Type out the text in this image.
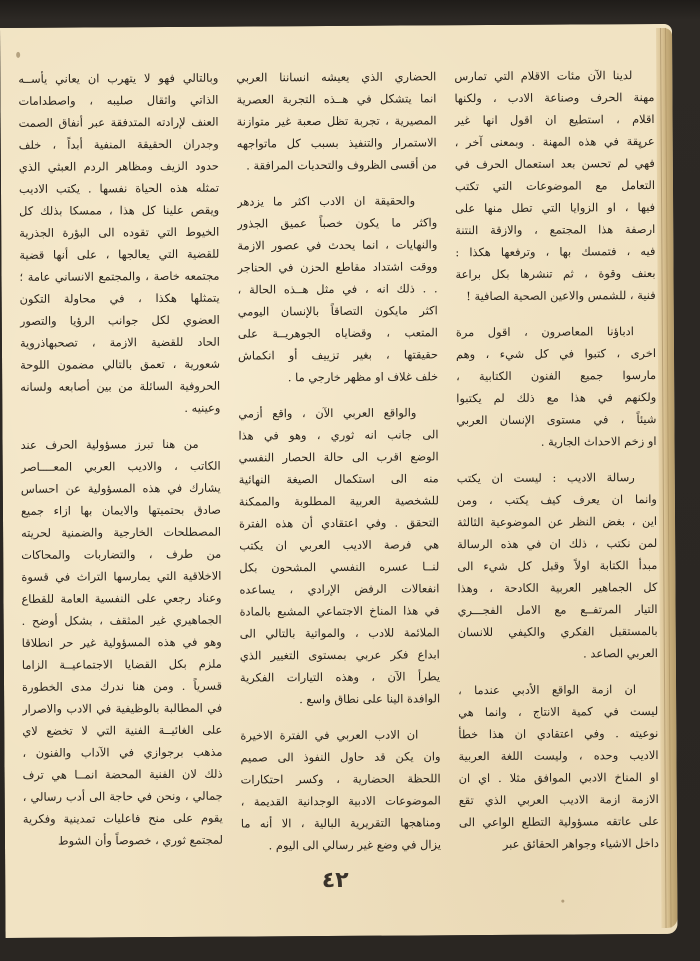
وبالتالي فهو لا يتهرب ان يعاني يأســه
الذاتي واثقال صليبه ، واصطدامات
العنف لإرادته المتدفقة عبر أنفاق الصمت
وجدران الحقيقة المنفية أبداً ، خلف
حدود الزيف ومظاهر الردم العبثي الذي
تمثله هذه الحياة نفسها . يكتب الاديب
ويقص علينا كل هذا ، ممسكا بذلك كل
الخيوط التي تقوده الى البؤرة الجذرية
للقضية التي يعالجها ، على أنها قضية
مجتمعه خاصة ، والمجتمع الانساني عامة ؛
يتمثلها هكذا ، في محاولة التكون
العضوي لكل جوانب الرؤيا والتصور
الحاد للقضية الازمة ، تصحبهاذروية
شعورية ، تعمق بالتالي مضمون اللوحة
الحروفية السائلة من بين أصابعه ولسانه
وعينيه .

من هنا تبرز مسؤولية الحرف عند
الكاتب ، والاديب العربي المعــــاصر
يشارك في هذه المسؤولية عن احساس
صادق بحتميتها والايمان بها ازاء جميع
المصطلحات الخارجية والضمنية لحريته
من طرف ، والتضاربات والمحاكات
الاخلاقية التي يمارسها التراث في قسوة
وعناد رجعي على النفسية العامة للقطاع
الجماهيري غير المثقف ، بشكل أوضح .
وهو في هذه المسؤولية غير حر انطلاقا
ملزم بكل القضايا الاجتماعيــة الزاما
قسرياً . ومن هنا ندرك مدى الخطورة
في المطالبة بالوظيفية في الادب والاصرار
على الغائيــة الفنية التي لا تخضع لاي
مذهب برجوازي في الآداب والفنون ،
ذلك لان الفنية المحضة انمــا هي ترف
جمالي ، ونحن في حاجة الى أدب رسالي ،
يقوم على منح فاعليات تمدينية وفكرية
لمجتمع ثوري ، خصوصاً وأن الشوط

الحضاري الذي يعيشه انساننا العربي
انما يتشكل في هــذه التجربة العصرية
المصيرية ، تجربة تظل صعبة غير متوازنة
الاستمرار والتنفيذ بسبب كل ماتواجهه
من أقسى الظروف والتحديات المرافقة .

والحقيقة ان الادب اكثر ما يزدهر
واكثر ما يكون خصباً عميق الجذور
والنهايات ، انما يحدث في عصور الازمة
ووقت اشتداد مقاطع الحزن في الحناجر
. . ذلك انه ، في مثل هــذه الحالة ،
اكثر مايكون التصاقاً بالإنسان اليومي
المتعب ، وقضاياه الجوهريــة على
حقيقتها ، بغير تزييف أو انكماش
خلف غلاف او مظهر خارجي ما .

والواقع العربي الآن ، واقع أزمي
الى جانب انه ثوري ، وهو في هذا
الوضع اقرب الى حالة الحصار النفسي
منه الى استكمال الصيغة النهائية
للشخصية العربية المطلوبة والممكنة
التحقق . وفي اعتقادي أن هذه الفترة
هي فرصة الاديب العربي ان يكتب
لنــا عسره النفسي المشحون بكل
انفعالات الرفض الإرادي ، يساعده
في هذا المناخ الاجتماعي المشبع بالمادة
الملائمة للادب ، والمواتية بالتالي الى
ابداع فكر عربي بمستوى التغيير الذي
يطرأ الآن ، وهذه التيارات الفكرية
الوافدة الينا على نطاق واسع .

ان الادب العربي في الفترة الاخيرة
وان يكن قد حاول النفوذ الى صميم
اللحظة الحضارية ، وكسر احتكارات
الموضوعات الادبية الوجدانية القديمة ،
ومناهجها التقريرية البالية ، الا أنه ما
يزال في وضع غير رسالي الى اليوم .

لدينا الآن مئات الاقلام التي تمارس
مهنة الحرف وصناعة الادب ، ولكنها
اقلام ، استطيع ان اقول انها غير
عريقة في هذه المهنة . وبمعنى آخر ،
فهي لم تحسن بعد استعمال الحرف في
التعامل مع الموضوعات التي تكتب
فيها ، او الزوايا التي تطل منها على
ارصفة هذا المجتمع ، والازقة النتنة
فيه ، فتمسك بها ، وترفعها هكذا :
بعنف وقوة ، ثم تنشرها بكل براعة
فنية ، للشمس والاعين الصحية الصافية !

ادباؤنا المعاصرون ، اقول مرة
اخرى ، كتبوا في كل شيء ، وهم
مارسوا جميع الفنون الكتابية ،
ولكنهم في هذا مع ذلك لم يكتبوا
شيئاً ، في مستوى الإنسان العربي
او زخم الاحداث الجارية .

رسالة الاديب : ليست ان يكتب
وانما ان يعرف كيف يكتب ، ومن
اين ، بغض النظر عن الموضوعية الثالثة
لمن نكتب ، ذلك ان في هذه الرسالة
مبدأ الكتابة اولاً وقبل كل شيء الى
كل الجماهير العربية الكادحة ، وهذا
التيار المرتفــع مع الامل الفجـــري
بالمستقبل الفكري والكيفي للانسان
العربي الصاعد .

ان ازمة الواقع الأدبي عندما ،
ليست في كمية الانتاج ، وانما هي
نوعيته . وفي اعتقادي ان هذا خطأ
الاديب وحده ، وليست اللغة العربية
او المناخ الادبي الموافق مثلا . اي ان
الازمة ازمة الاديب العربي الذي تقع
على عاتقه مسؤولية التطلع الواعي الى
داخل الاشياء وجواهر الحقائق عبر

٤٢
